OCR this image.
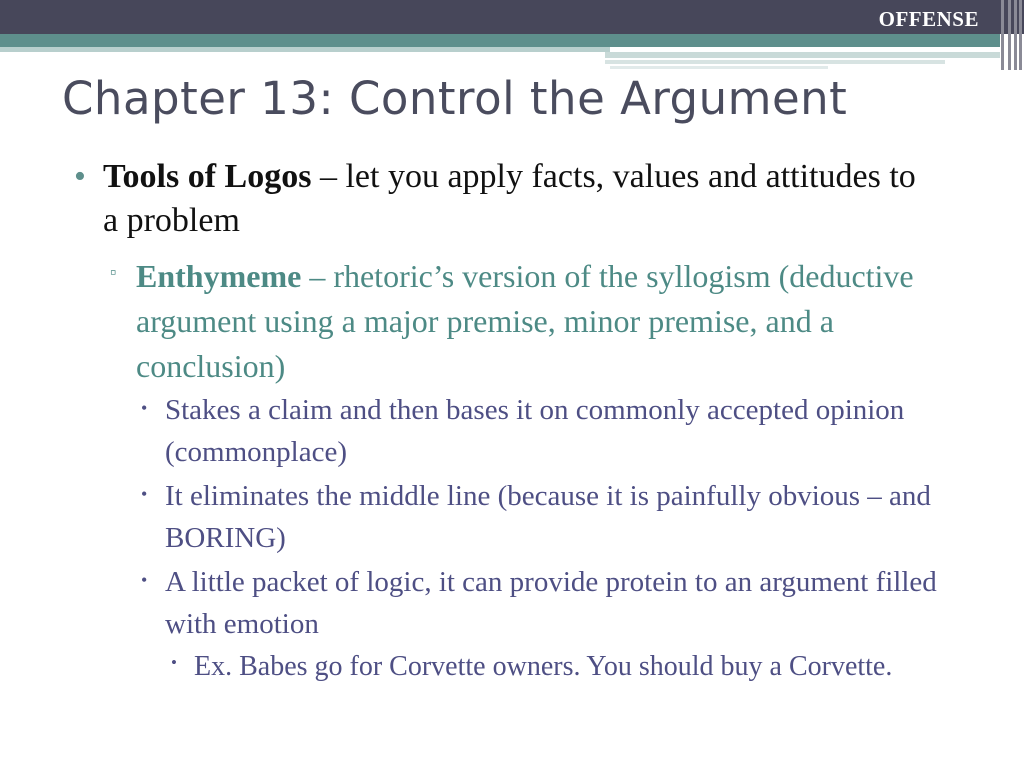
OFFENSE
Chapter 13: Control the Argument
• Tools of Logos – let you apply facts, values and attitudes to a problem
▫ Enthymeme – rhetoric’s version of the syllogism (deductive argument using a major premise, minor premise, and a conclusion)
• Stakes a claim and then bases it on commonly accepted opinion (commonplace)
• It eliminates the middle line (because it is painfully obvious – and BORING)
• A little packet of logic, it can provide protein to an argument filled with emotion
• Ex. Babes go for Corvette owners. You should buy a Corvette.
